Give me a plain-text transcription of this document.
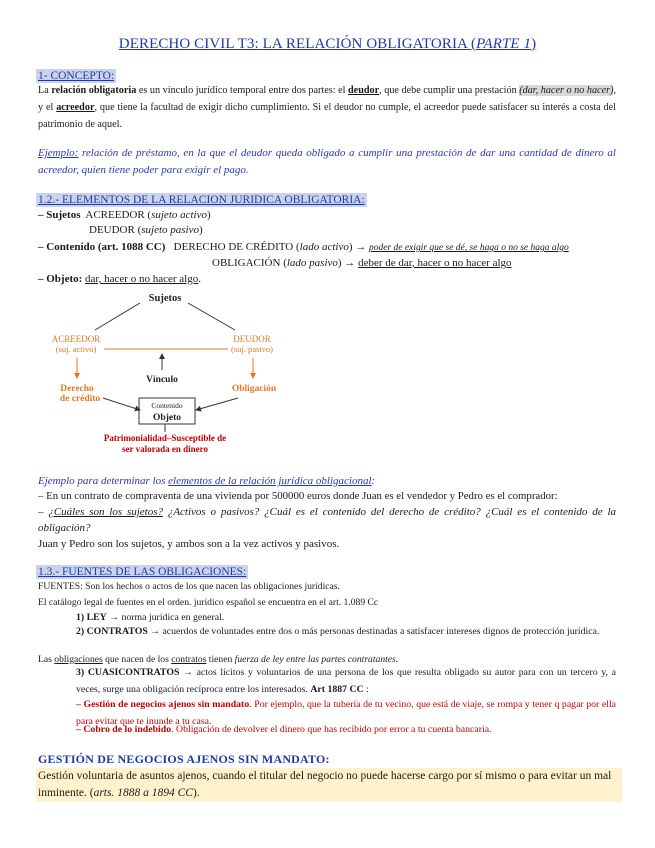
DERECHO CIVIL T3: LA RELACIÓN OBLIGATORIA (PARTE 1)
1- CONCEPTO:
La relación obligatoria es un vínculo jurídico temporal entre dos partes: el deudor, que debe cumplir una prestación (dar, hacer o no hacer), y el acreedor, que tiene la facultad de exigir dicho cumplimiento. Si el deudor no cumple, el acreedor puede satisfacer su interés a costa del patrimonio de aquel.
Ejemplo: relación de préstamo, en la que el deudor queda obligado a cumplir una prestación de dar una cantidad de dinero al acreedor, quien tiene poder para exigir el pago.
1.2.- ELEMENTOS DE LA RELACION JURIDICA OBLIGATORIA:
– Sujetos ACREEDOR (sujeto activo)
DEUDOR (sujeto pasivo)
– Contenido (art. 1088 CC) DERECHO DE CRÉDITO (lado activo) → poder de exigir que se dé, se haga o no se haga algo
OBLIGACIÓN (lado pasivo) → deber de dar, hacer o no hacer algo
– Objeto: dar, hacer o no hacer algo.
Sujetos
ACREEDOR
(suj. activo)
DEUDOR
(suj. pasivo)
Vínculo
Derecho
de crédito
Obligación
Contenido
Objeto
Patrimonialidad–Susceptible de
ser valorada en dinero
Ejemplo para determinar los elementos de la relación jurídica obligacional:
– En un contrato de compraventa de una vivienda por 500000 euros donde Juan es el vendedor y Pedro es el comprador:
– ¿Cuáles son los sujetos? ¿Activos o pasivos? ¿Cuál es el contenido del derecho de crédito? ¿Cuál es el contenido de la obligación?
Juan y Pedro son los sujetos, y ambos son a la vez activos y pasivos.
1.3.- FUENTES DE LAS OBLIGACIONES:
FUENTES: Son los hechos o actos de los que nacen las obligaciones jurídicas.
El catálogo legal de fuentes en el orden. jurídico español se encuentra en el art. 1.089 Cc
1) LEY → norma jurídica en general.
2) CONTRATOS → acuerdos de voluntades entre dos o más personas destinadas a satisfacer intereses dignos de protección jurídica.
Las obligaciones que nacen de los contratos tienen fuerza de ley entre las partes contratantes.
3) CUASICONTRATOS → actos lícitos y voluntarios de una persona de los que resulta obligado su autor para con un tercero y, a veces, surge una obligación recíproca entre los interesados. Art 1887 CC :
– Gestión de negocios ajenos sin mandato. Por ejemplo, que la tubería de tu vecino, que está de viaje, se rompa y tener q pagar por ella para evitar que te inunde a tu casa.
– Cobro de lo indebido. Obligación de devolver el dinero que has recibido por error a tu cuenta bancaria.
GESTIÓN DE NEGOCIOS AJENOS SIN MANDATO:
Gestión voluntaria de asuntos ajenos, cuando el titular del negocio no puede hacerse cargo por sí mismo o para evitar un mal inminente. (arts. 1888 a 1894 CC).
